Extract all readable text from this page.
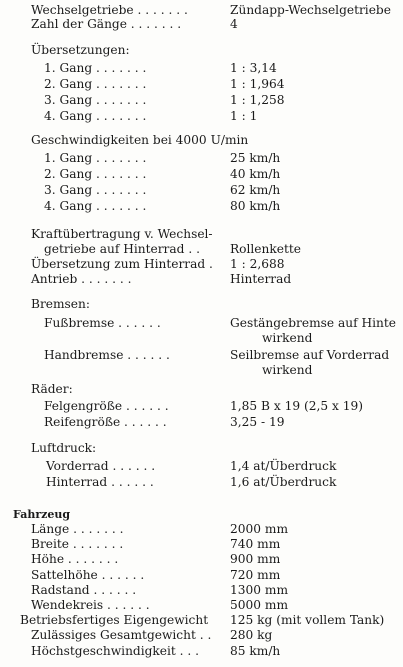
Wechselgetriebe . . . . . . .	Zündapp-Wechselgetriebe
Zahl der Gänge . . . . . . .	4
Übersetzungen:
1. Gang . . . . . . .	1 : 3,14
2. Gang . . . . . . .	1 : 1,964
3. Gang . . . . . . .	1 : 1,258
4. Gang . . . . . . .	1 : 1
Geschwindigkeiten bei 4000 U/min
1. Gang . . . . . . .	25 km/h
2. Gang . . . . . . .	40 km/h
3. Gang . . . . . . .	62 km/h
4. Gang . . . . . . .	80 km/h
Kraftübertragung v. Wechsel-
getriebe auf Hinterrad . . Rollenkette
Übersetzung zum Hinterrad . 1 : 2,688
Antrieb . . . . . . .	Hinterrad
Bremsen:
Fußbremse . . . . . .	Gestängebremse auf Hinte
wirkend
Handbremse . . . . . .	Seilbremse auf Vorderrad
wirkend
Räder:
Felgengröße . . . . . .	1,85 B x 19 (2,5 x 19)
Reifengröße . . . . . .	3,25 - 19
Luftdruck:
Vorderrad . . . . . .	1,4 at/Überdruck
Hinterrad . . . . . .	1,6 at/Überdruck
Fahrzeug
Länge . . . . . . .	2000 mm
Breite . . . . . . .	740 mm
Höhe . . . . . . .	900 mm
Sattelhöhe . . . . . .	720 mm
Radstand . . . . . .	1300 mm
Wendekreis . . . . . .	5000 mm
Betriebsfertiges Eigengewicht 125 kg (mit vollem Tank)
Zulässiges Gesamtgewicht . . 280 kg
Höchstgeschwindigkeit . . .	85 km/h
